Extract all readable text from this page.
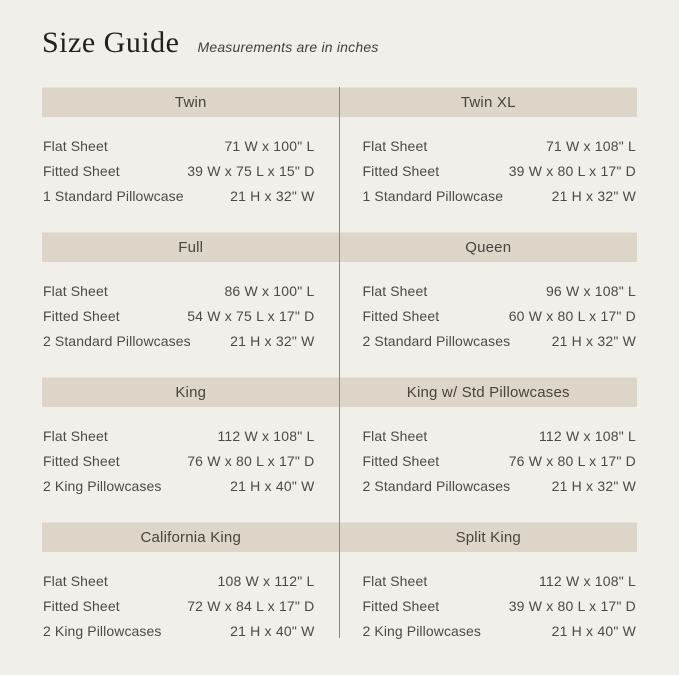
Size Guide Measurements are in inches
Twin	Twin XL
Flat Sheet	71 W x 100" L
Fitted Sheet	39 W x 75 L x 15" D
1 Standard Pillowcase	21 H x 32" W
Flat Sheet	71 W x 108" L
Fitted Sheet	39 W x 80 L x 17" D
1 Standard Pillowcase	21 H x 32" W
Full	Queen
Flat Sheet	86 W x 100" L
Fitted Sheet	54 W x 75 L x 17" D
2 Standard Pillowcases	21 H x 32" W
Flat Sheet	96 W x 108" L
Fitted Sheet	60 W x 80 L x 17" D
2 Standard Pillowcases	21 H x 32" W
King	King w/ Std Pillowcases
Flat Sheet	112 W x 108" L
Fitted Sheet	76 W x 80 L x 17" D
2 King Pillowcases	21 H x 40" W
Flat Sheet	112 W x 108" L
Fitted Sheet	76 W x 80 L x 17" D
2 Standard Pillowcases	21 H x 32" W
California King	Split King
Flat Sheet	108 W x 112" L
Fitted Sheet	72 W x 84 L x 17" D
2 King Pillowcases	21 H x 40" W
Flat Sheet	112 W x 108" L
Fitted Sheet	39 W x 80 L x 17" D
2 King Pillowcases	21 H x 40" W
